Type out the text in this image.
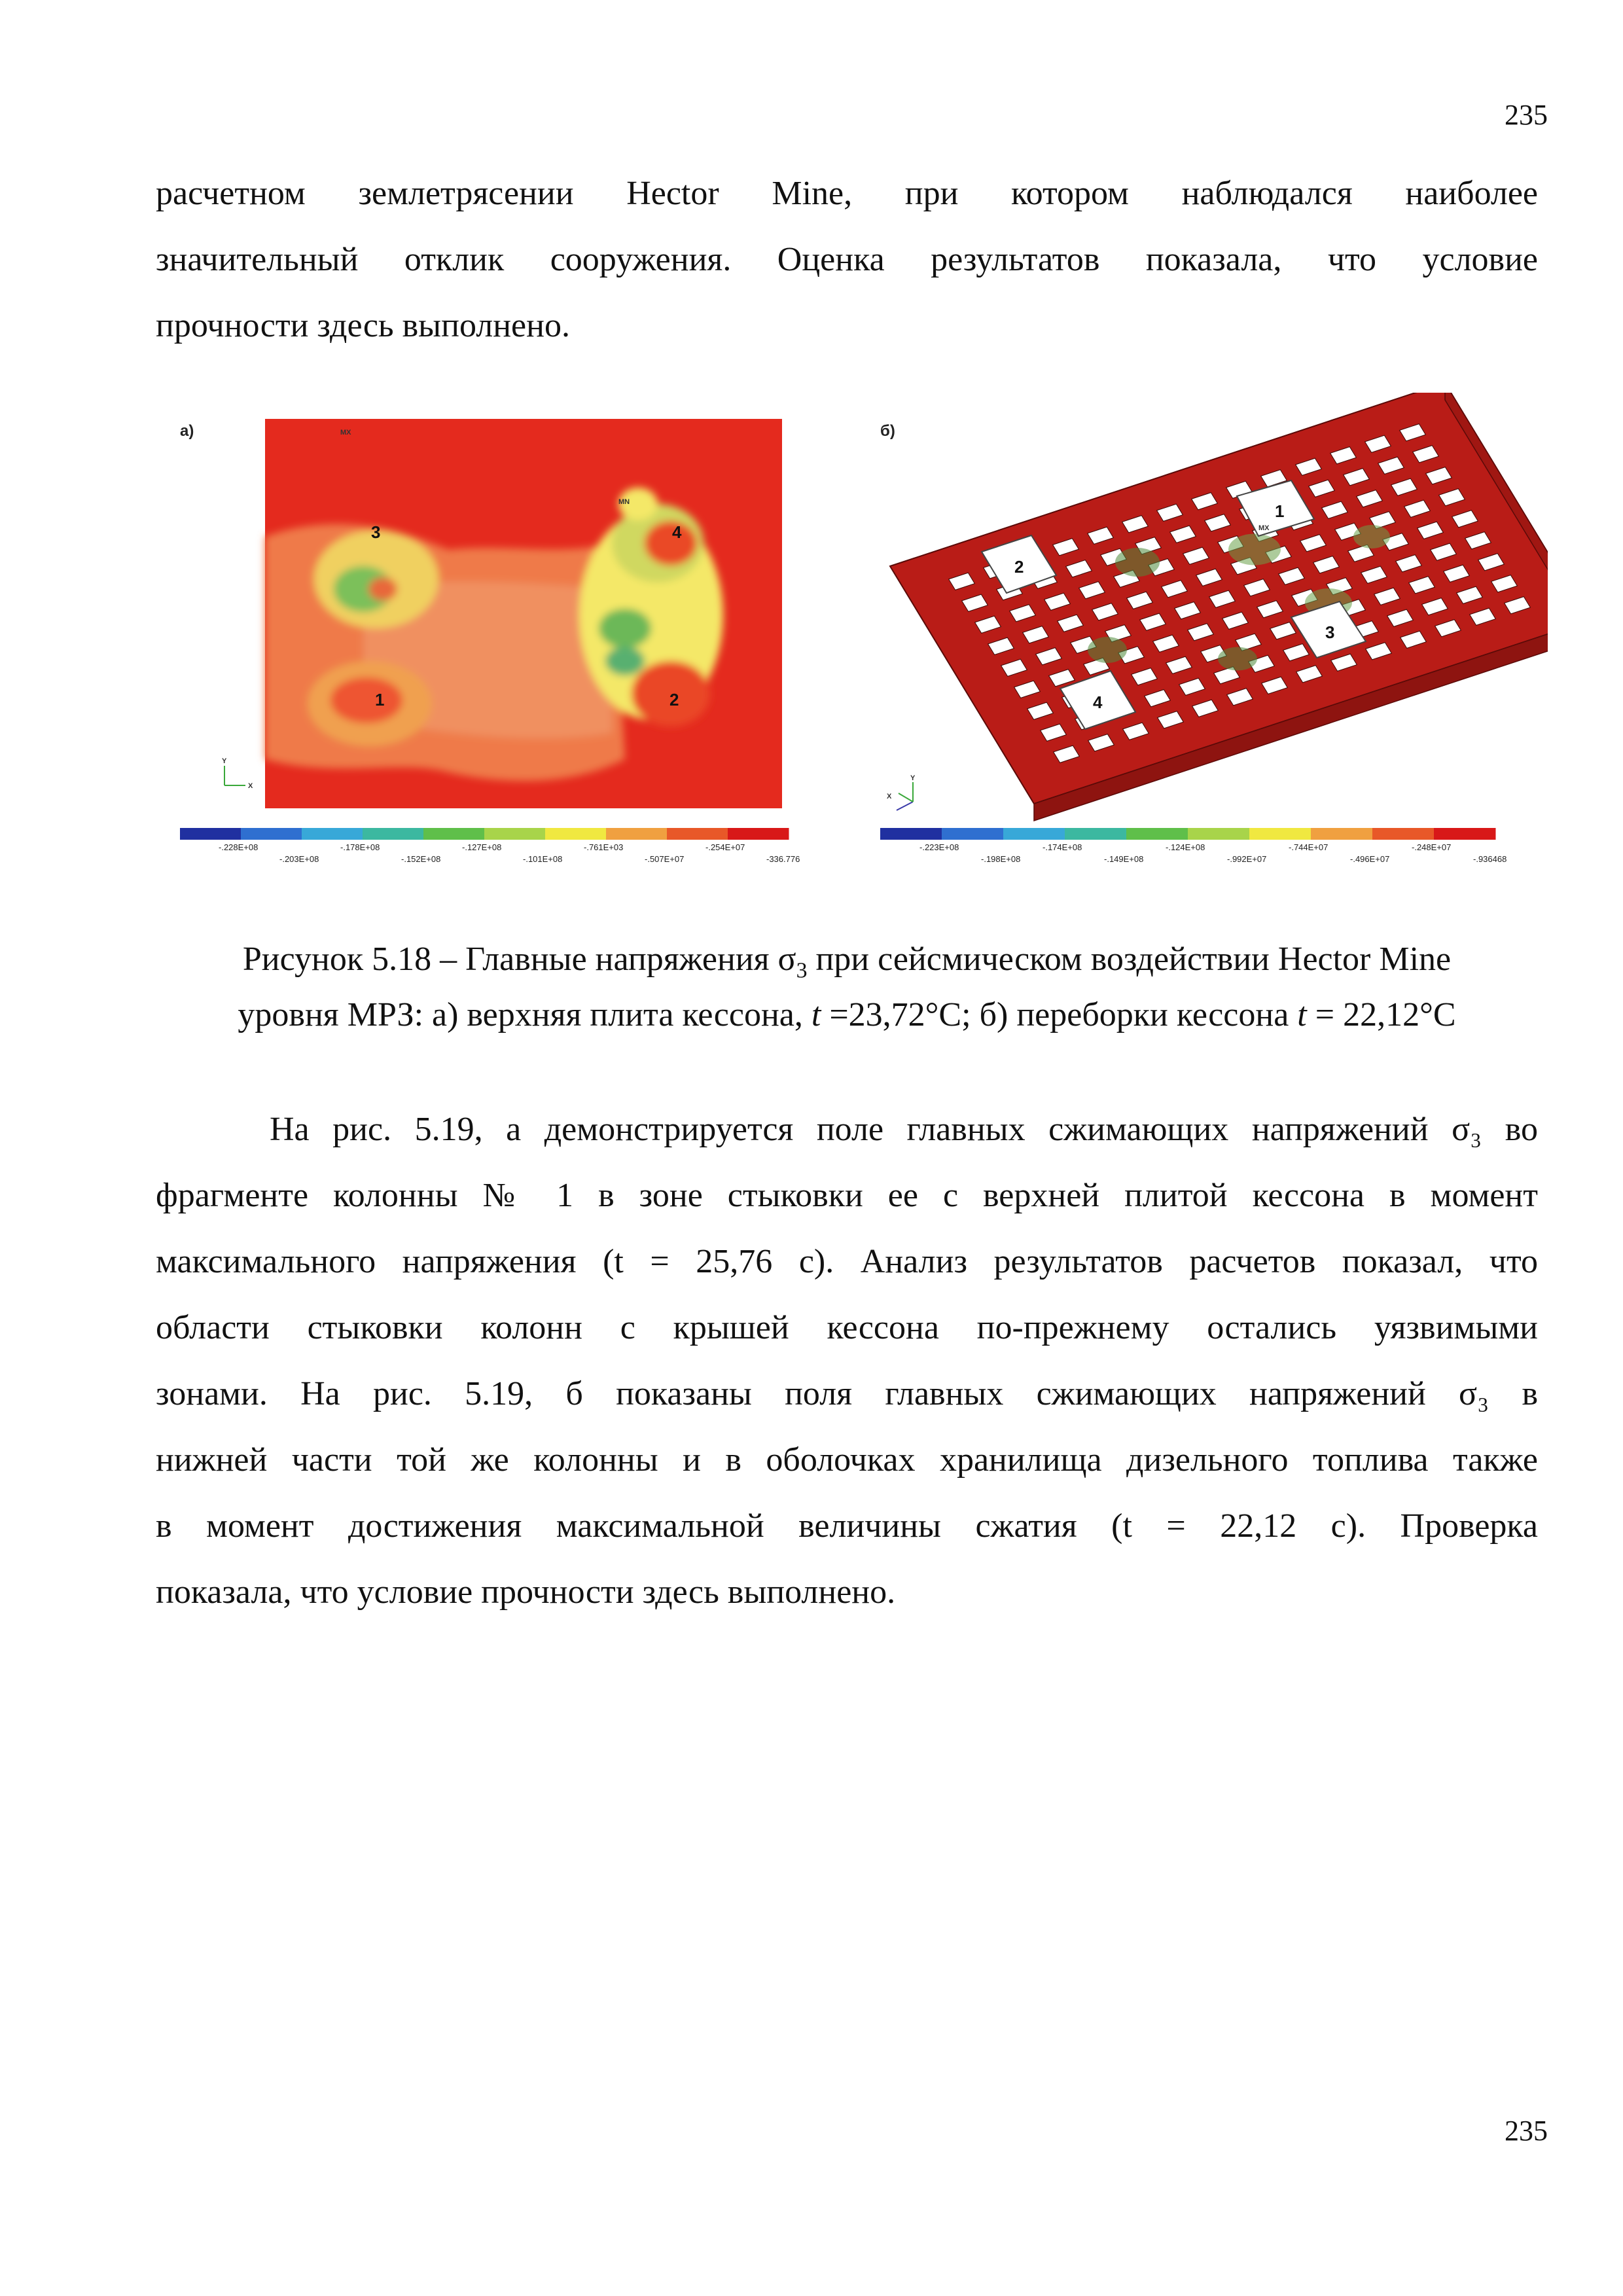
235
расчетном землетрясении Hector Mine, при котором наблюдался наиболее
значительный отклик сооружения. Оценка результатов показала, что условие
прочности здесь выполнено.
а)
3	4
1	2
MX
MN
Y
X
-.228E+08	-.178E+08	-.127E+08	-.761E+03	-.254E+07
-.203E+08	-.152E+08	-.101E+08	-.507E+07	-336.776
б)
1
2
3
4
MX
Y
X
-.223E+08	-.174E+08	-.124E+08	-.744E+07	-.248E+07
-.198E+08	-.149E+08	-.992E+07	-.496E+07	-.936468
Рисунок 5.18 – Главные напряжения $\sigma_3$ при сейсмическом воздействии Hector Mine
уровня МРЗ: а) верхняя плита кессона, t =23,72°С; б) переборки кессона t = 22,12°С
На рис. 5.19, а демонстрируется поле главных сжимающих напряжений σ₃ во
фрагменте колонны № 1 в зоне стыковки ее с верхней плитой кессона в момент
максимального напряжения (t = 25,76 с). Анализ результатов расчетов показал, что
области стыковки колонн с крышей кессона по-прежнему остались уязвимыми
зонами. На рис. 5.19, б показаны поля главных сжимающих напряжений σ₃ в
нижней части той же колонны и в оболочках хранилища дизельного топлива также
в момент достижения максимальной величины сжатия (t = 22,12 с). Проверка
показала, что условие прочности здесь выполнено.
235
